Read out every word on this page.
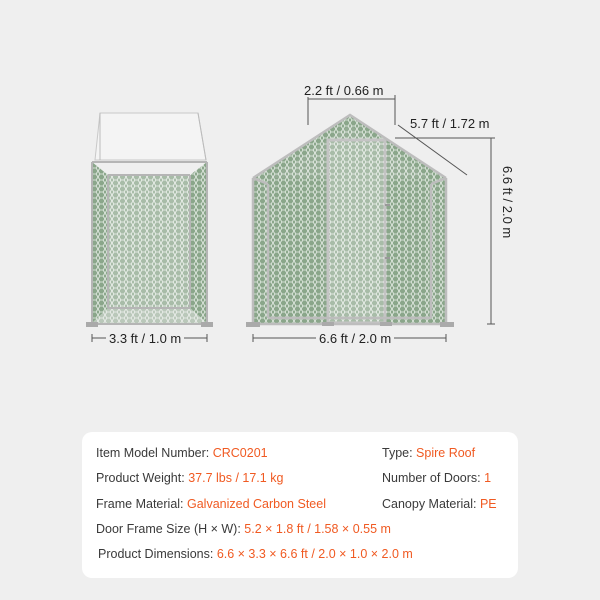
2.2 ft / 0.66 m
5.7 ft / 1.72 m
6.6 ft / 2.0 m
3.3 ft / 1.0 m	6.6 ft / 2.0 m
Item Model Number: CRC0201	Type: Spire Roof
Product Weight: 37.7 lbs / 17.1 kg	Number of Doors: 1
Frame Material: Galvanized Carbon Steel	Canopy Material: PE
Door Frame Size (H × W): 5.2 × 1.8 ft / 1.58 × 0.55 m
Product Dimensions: 6.6 × 3.3 × 6.6 ft / 2.0 × 1.0 × 2.0 m
